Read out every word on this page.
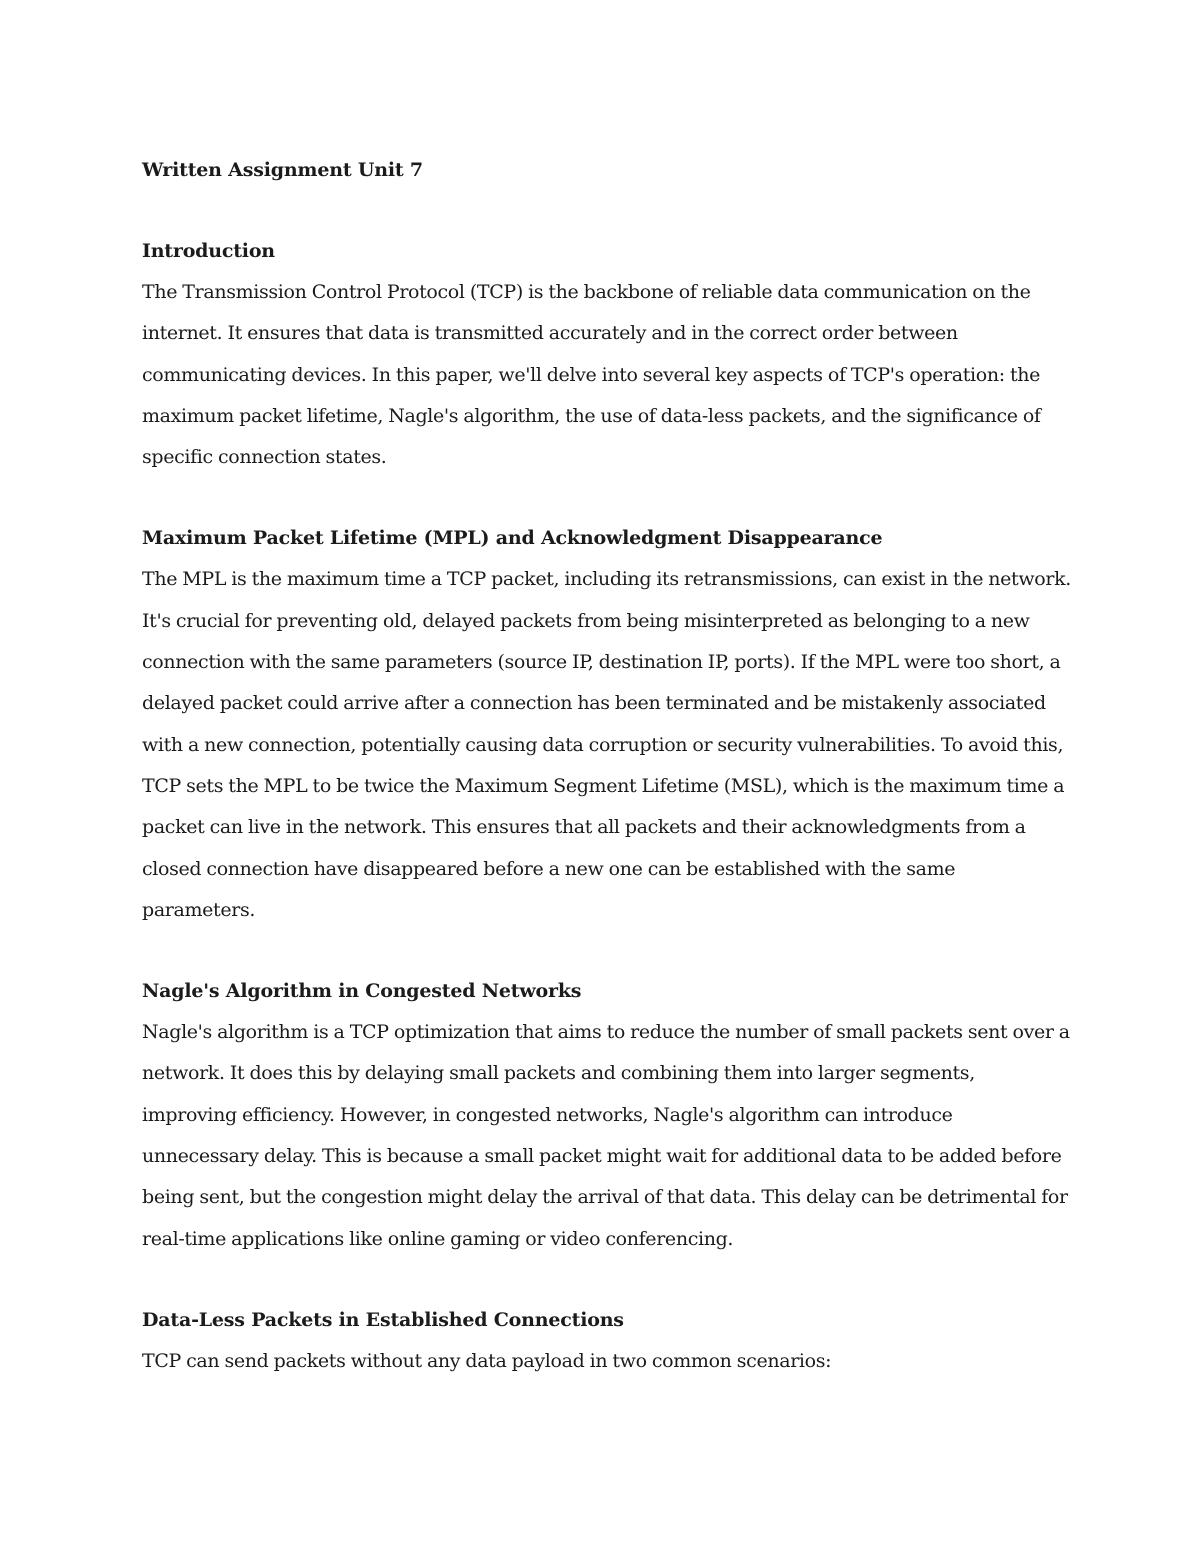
Written Assignment Unit 7
Introduction

The Transmission Control Protocol (TCP) is the backbone of reliable data communication on the internet. It ensures that data is transmitted accurately and in the correct order between communicating devices. In this paper, we'll delve into several key aspects of TCP's operation: the maximum packet lifetime, Nagle's algorithm, the use of data-less packets, and the significance of specific connection states.

Maximum Packet Lifetime (MPL) and Acknowledgment Disappearance

The MPL is the maximum time a TCP packet, including its retransmissions, can exist in the network. It's crucial for preventing old, delayed packets from being misinterpreted as belonging to a new connection with the same parameters (source IP, destination IP, ports). If the MPL were too short, a delayed packet could arrive after a connection has been terminated and be mistakenly associated with a new connection, potentially causing data corruption or security vulnerabilities. To avoid this, TCP sets the MPL to be twice the Maximum Segment Lifetime (MSL), which is the maximum time a packet can live in the network. This ensures that all packets and their acknowledgments from a closed connection have disappeared before a new one can be established with the same parameters.

Nagle's Algorithm in Congested Networks

Nagle's algorithm is a TCP optimization that aims to reduce the number of small packets sent over a network. It does this by delaying small packets and combining them into larger segments, improving efficiency. However, in congested networks, Nagle's algorithm can introduce unnecessary delay. This is because a small packet might wait for additional data to be added before being sent, but the congestion might delay the arrival of that data. This delay can be detrimental for real-time applications like online gaming or video conferencing.

Data-Less Packets in Established Connections

TCP can send packets without any data payload in two common scenarios:
